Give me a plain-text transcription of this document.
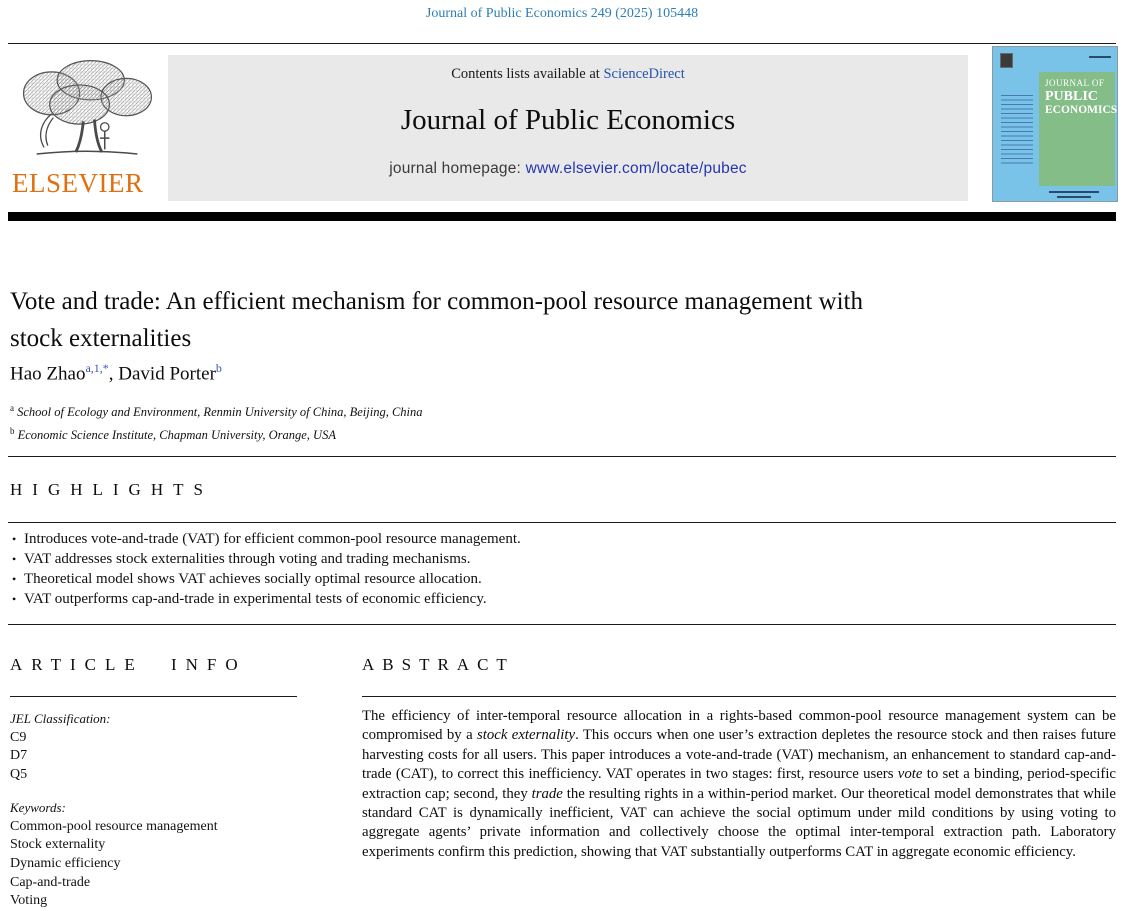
Journal of Public Economics 249 (2025) 105448
ELSEVIER
Contents lists available at ScienceDirect
Journal of Public Economics
journal homepage: www.elsevier.com/locate/pubec
JOURNAL OF
PUBLIC
ECONOMICS
Vote and trade: An efficient mechanism for common-pool resource management with stock externalities
Hao Zhao$^{a,1,*}$, David Porter$^b$
$^a$ School of Ecology and Environment, Renmin University of China, Beijing, China
$^b$ Economic Science Institute, Chapman University, Orange, USA
HIGHLIGHTS
• Introduces vote-and-trade (VAT) for efficient common-pool resource management.
• VAT addresses stock externalities through voting and trading mechanisms.
• Theoretical model shows VAT achieves socially optimal resource allocation.
• VAT outperforms cap-and-trade in experimental tests of economic efficiency.
ARTICLE INFO
JEL Classification:
C9
D7
Q5
Keywords:
Common-pool resource management
Stock externality
Dynamic efficiency
Cap-and-trade
Voting
ABSTRACT

The efficiency of inter-temporal resource allocation in a rights-based common-pool resource management system can be compromised by a stock externality. This occurs when one user’s extraction depletes the resource stock and then raises future harvesting costs for all users. This paper introduces a vote-and-trade (VAT) mechanism, an enhancement to standard cap-and-trade (CAT), to correct this inefficiency. VAT operates in two stages: first, resource users vote to set a binding, period-specific extraction cap; second, they trade the resulting rights in a within-period market. Our theoretical model demonstrates that while standard CAT is dynamically inefficient, VAT can achieve the social optimum under mild conditions by using voting to aggregate agents’ private information and collectively choose the optimal inter-temporal extraction path. Laboratory experiments confirm this prediction, showing that VAT substantially outperforms CAT in aggregate economic efficiency.
